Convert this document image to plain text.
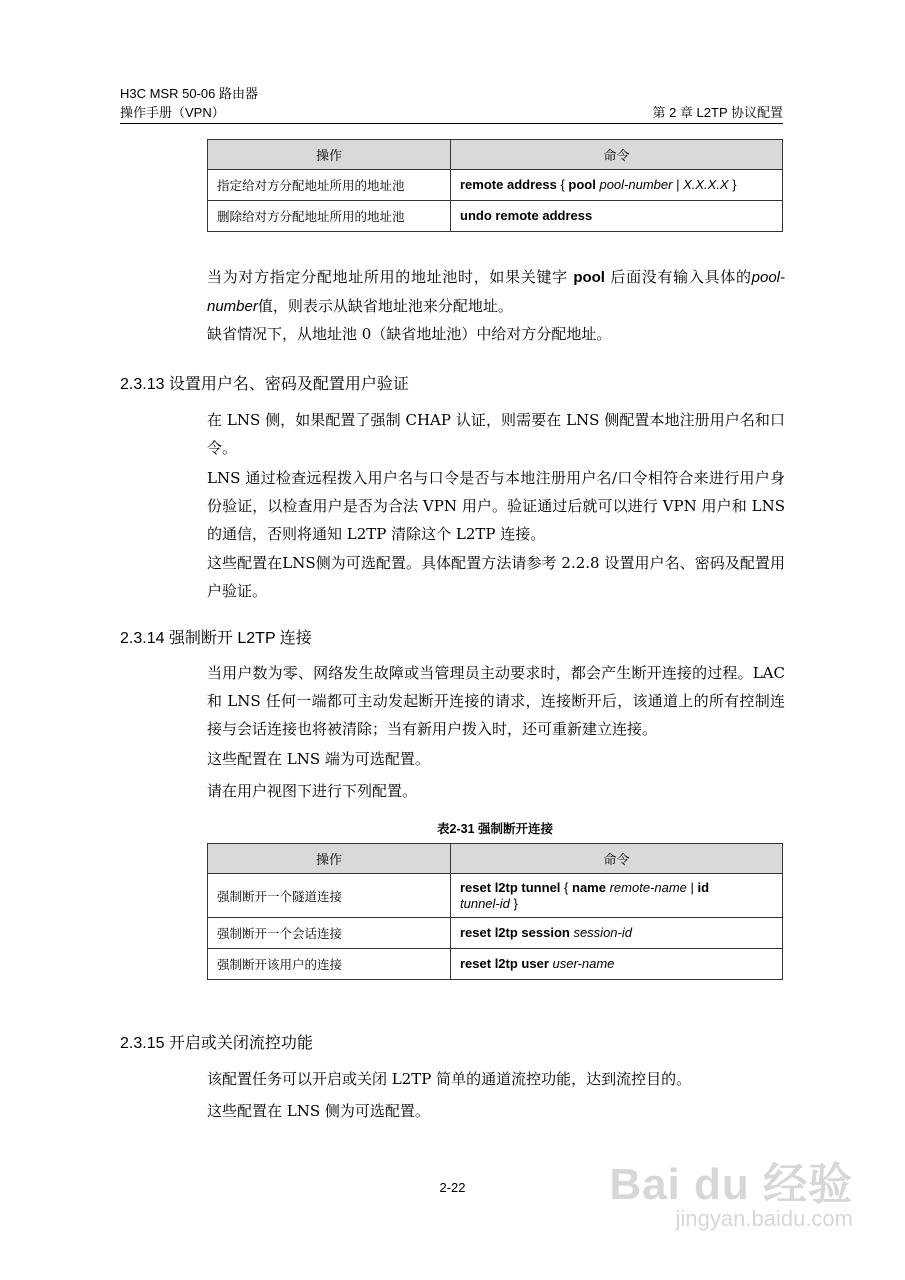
H3C MSR 50-06 路由器
操作手册（VPN）	第 2 章 L2TP 协议配置
操作	命令
指定给对方分配地址所用的地址池	remote address { pool pool-number | X.X.X.X }
删除给对方分配地址所用的地址池	undo remote address
当为对方指定分配地址所用的地址池时，如果关键字 pool 后面没有输入具体的pool-number值，则表示从缺省地址池来分配地址。
缺省情况下，从地址池 0（缺省地址池）中给对方分配地址。
2.3.13 设置用户名、密码及配置用户验证
在 LNS 侧，如果配置了强制 CHAP 认证，则需要在 LNS 侧配置本地注册用户名和口令。
LNS 通过检查远程拨入用户名与口令是否与本地注册用户名/口令相符合来进行用户身份验证，以检查用户是否为合法 VPN 用户。验证通过后就可以进行 VPN 用户和 LNS 的通信，否则将通知 L2TP 清除这个 L2TP 连接。
这些配置在LNS侧为可选配置。具体配置方法请参考 2.2.8 设置用户名、密码及配置用户验证。
2.3.14 强制断开 L2TP 连接
当用户数为零、网络发生故障或当管理员主动要求时，都会产生断开连接的过程。LAC 和 LNS 任何一端都可主动发起断开连接的请求，连接断开后，该通道上的所有控制连接与会话连接也将被清除；当有新用户拨入时，还可重新建立连接。
这些配置在 LNS 端为可选配置。
请在用户视图下进行下列配置。
表2-31 强制断开连接
操作	命令
强制断开一个隧道连接	reset l2tp tunnel { name remote-name | id
tunnel-id }
强制断开一个会话连接	reset l2tp session session-id
强制断开该用户的连接	reset l2tp user user-name
2.3.15 开启或关闭流控功能
该配置任务可以开启或关闭 L2TP 简单的通道流控功能，达到流控目的。
这些配置在 LNS 侧为可选配置。
2-22	Bai du 经验
jingyan.baidu.com
